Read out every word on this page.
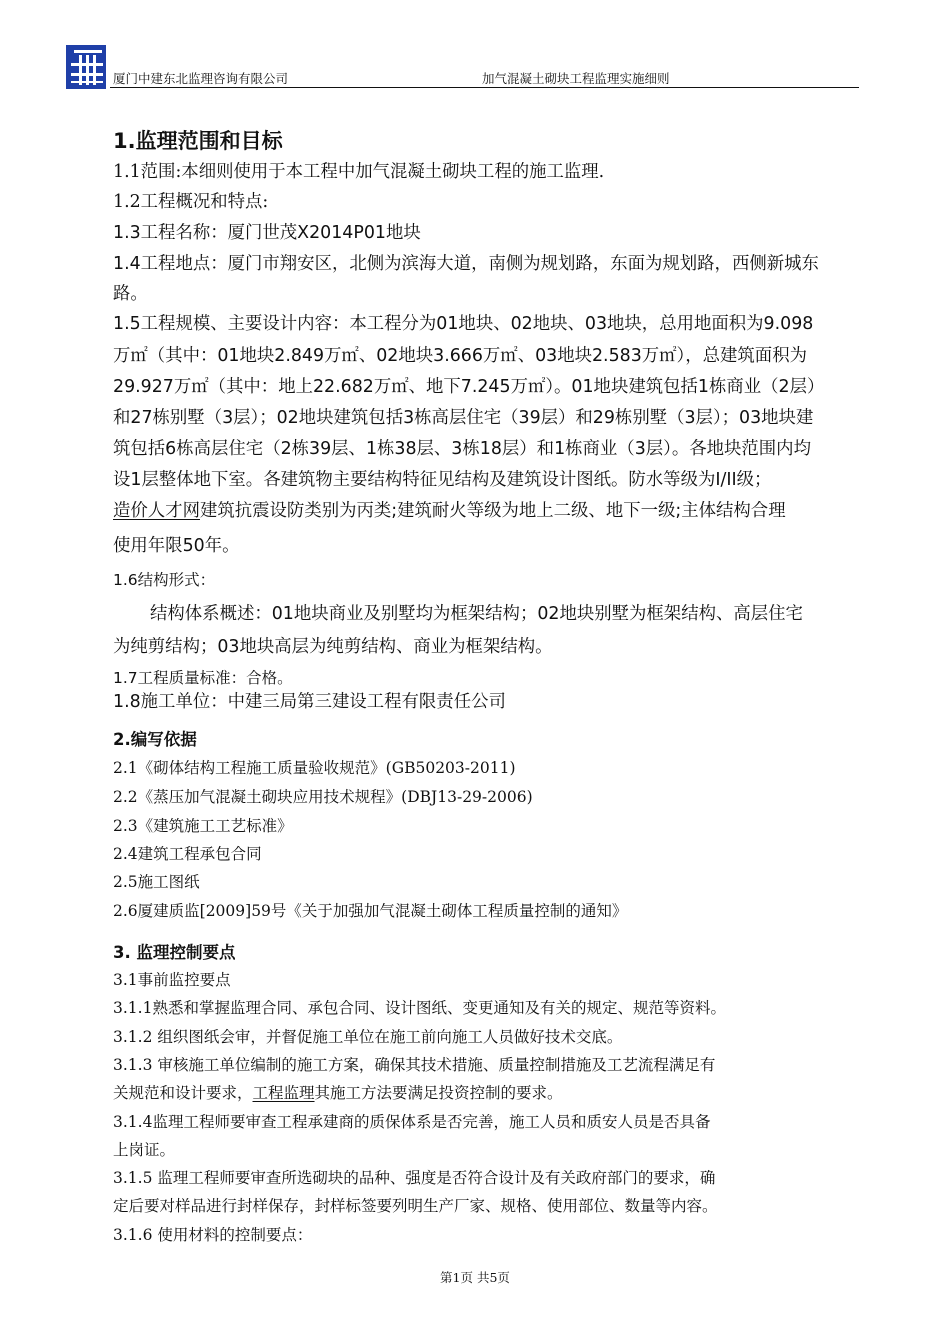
厦门中建东北监理咨询有限公司	加气混凝土砌块工程监理实施细则
1.监理范围和目标
1.1范围:本细则使用于本工程中加气混凝土砌块工程的施工监理.
1.2工程概况和特点:
1.3工程名称：厦门世茂X2014P01地块
1.4工程地点：厦门市翔安区，北侧为滨海大道，南侧为规划路，东面为规划路，西侧新城东
路。
1.5工程规模、主要设计内容：本工程分为01地块、02地块、03地块，总用地面积为9.098
万㎡（其中：01地块2.849万㎡、02地块3.666万㎡、03地块2.583万㎡），总建筑面积为
29.927万㎡（其中：地上22.682万㎡、地下7.245万㎡）。01地块建筑包括1栋商业（2层）
和27栋别墅（3层）；02地块建筑包括3栋高层住宅（39层）和29栋别墅（3层）；03地块建
筑包括6栋高层住宅（2栋39层、1栋38层、3栋18层）和1栋商业（3层）。各地块范围内均
设1层整体地下室。各建筑物主要结构特征见结构及建筑设计图纸。防水等级为I/II级；
造价人才网建筑抗震设防类别为丙类;建筑耐火等级为地上二级、地下一级;主体结构合理
使用年限50年。
1.6结构形式：
结构体系概述：01地块商业及别墅均为框架结构；02地块别墅为框架结构、高层住宅
为纯剪结构；03地块高层为纯剪结构、商业为框架结构。
1.7工程质量标准：合格。
1.8施工单位：中建三局第三建设工程有限责任公司
2.编写依据
2.1《砌体结构工程施工质量验收规范》(GB50203-2011)
2.2《蒸压加气混凝土砌块应用技术规程》(DBJ13-29-2006)
2.3《建筑施工工艺标准》
2.4建筑工程承包合同
2.5施工图纸
2.6厦建质监[2009]59号《关于加强加气混凝土砌体工程质量控制的通知》
3. 监理控制要点
3.1事前监控要点
3.1.1熟悉和掌握监理合同、承包合同、设计图纸、变更通知及有关的规定、规范等资料。
3.1.2 组织图纸会审，并督促施工单位在施工前向施工人员做好技术交底。
3.1.3 审核施工单位编制的施工方案，确保其技术措施、质量控制措施及工艺流程满足有
关规范和设计要求，工程监理其施工方法要满足投资控制的要求。
3.1.4监理工程师要审查工程承建商的质保体系是否完善，施工人员和质安人员是否具备
上岗证。
3.1.5 监理工程师要审查所选砌块的品种、强度是否符合设计及有关政府部门的要求，确
定后要对样品进行封样保存，封样标签要列明生产厂家、规格、使用部位、数量等内容。
3.1.6 使用材料的控制要点：
第1页 共5页
